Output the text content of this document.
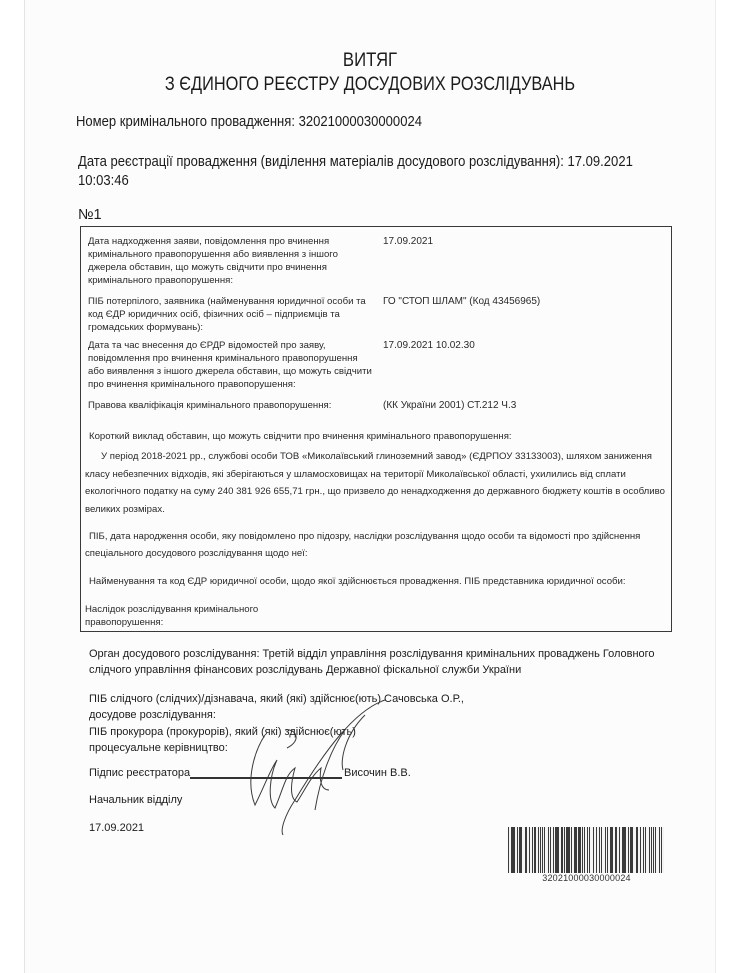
ВИТЯГ
З ЄДИНОГО РЕЄСТРУ ДОСУДОВИХ РОЗСЛІДУВАНЬ
Номер кримінального провадження: 32021000030000024
Дата реєстрації провадження (виділення матеріалів досудового розслідування): 17.09.2021
10:03:46
№1
Дата надходження заяви, повідомлення про вчинення кримінального правопорушення або виявлення з іншого джерела обставин, що можуть свідчити про вчинення кримінального правопорушення:
17.09.2021
ПІБ потерпілого, заявника (найменування юридичної особи та код ЄДР юридичних осіб, фізичних осіб – підприємців та громадських формувань):
ГО "СТОП ШЛАМ" (Код 43456965)
Дата та час внесення до ЄРДР відомостей про заяву, повідомлення про вчинення кримінального правопорушення або виявлення з іншого джерела обставин, що можуть свідчити про вчинення кримінального правопорушення:
17.09.2021 10.02.30
Правова кваліфікація кримінального правопорушення:	(КК України 2001) СТ.212 Ч.3
Короткий виклад обставин, що можуть свідчити про вчинення кримінального правопорушення:
У період 2018-2021 рр., службові особи ТОВ «Миколаївський глиноземний завод» (ЄДРПОУ 33133003), шляхом заниження класу небезпечних відходів, які зберігаються у шламосховищах на території Миколаївської області, ухилились від сплати екологічного податку на суму 240 381 926 655,71 грн., що призвело до ненадходження до державного бюджету коштів в особливо великих розмірах.
ПІБ, дата народження особи, яку повідомлено про підозру, наслідки розслідування щодо особи та відомості про здійснення спеціального досудового розслідування щодо неї:
Найменування та код ЄДР юридичної особи, щодо якої здійснюється провадження. ПІБ представника юридичної особи:
Наслідок розслідування кримінального
правопорушення:
Орган досудового розслідування: Третій відділ управління розслідування кримінальних проваджень Головного
слідчого управління фінансових розслідувань Державної фіскальної служби України
ПІБ слідчого (слідчих)/дізнавача, який (які) здійснює(ють)
досудове розслідування:
Сачовська О.Р.,
ПІБ прокурора (прокурорів), який (які) здійснює(ють)
процесуальне керівництво:
Підпис реєстратора	Височин В.В.
Начальник відділу
17.09.2021
32021000030000024
